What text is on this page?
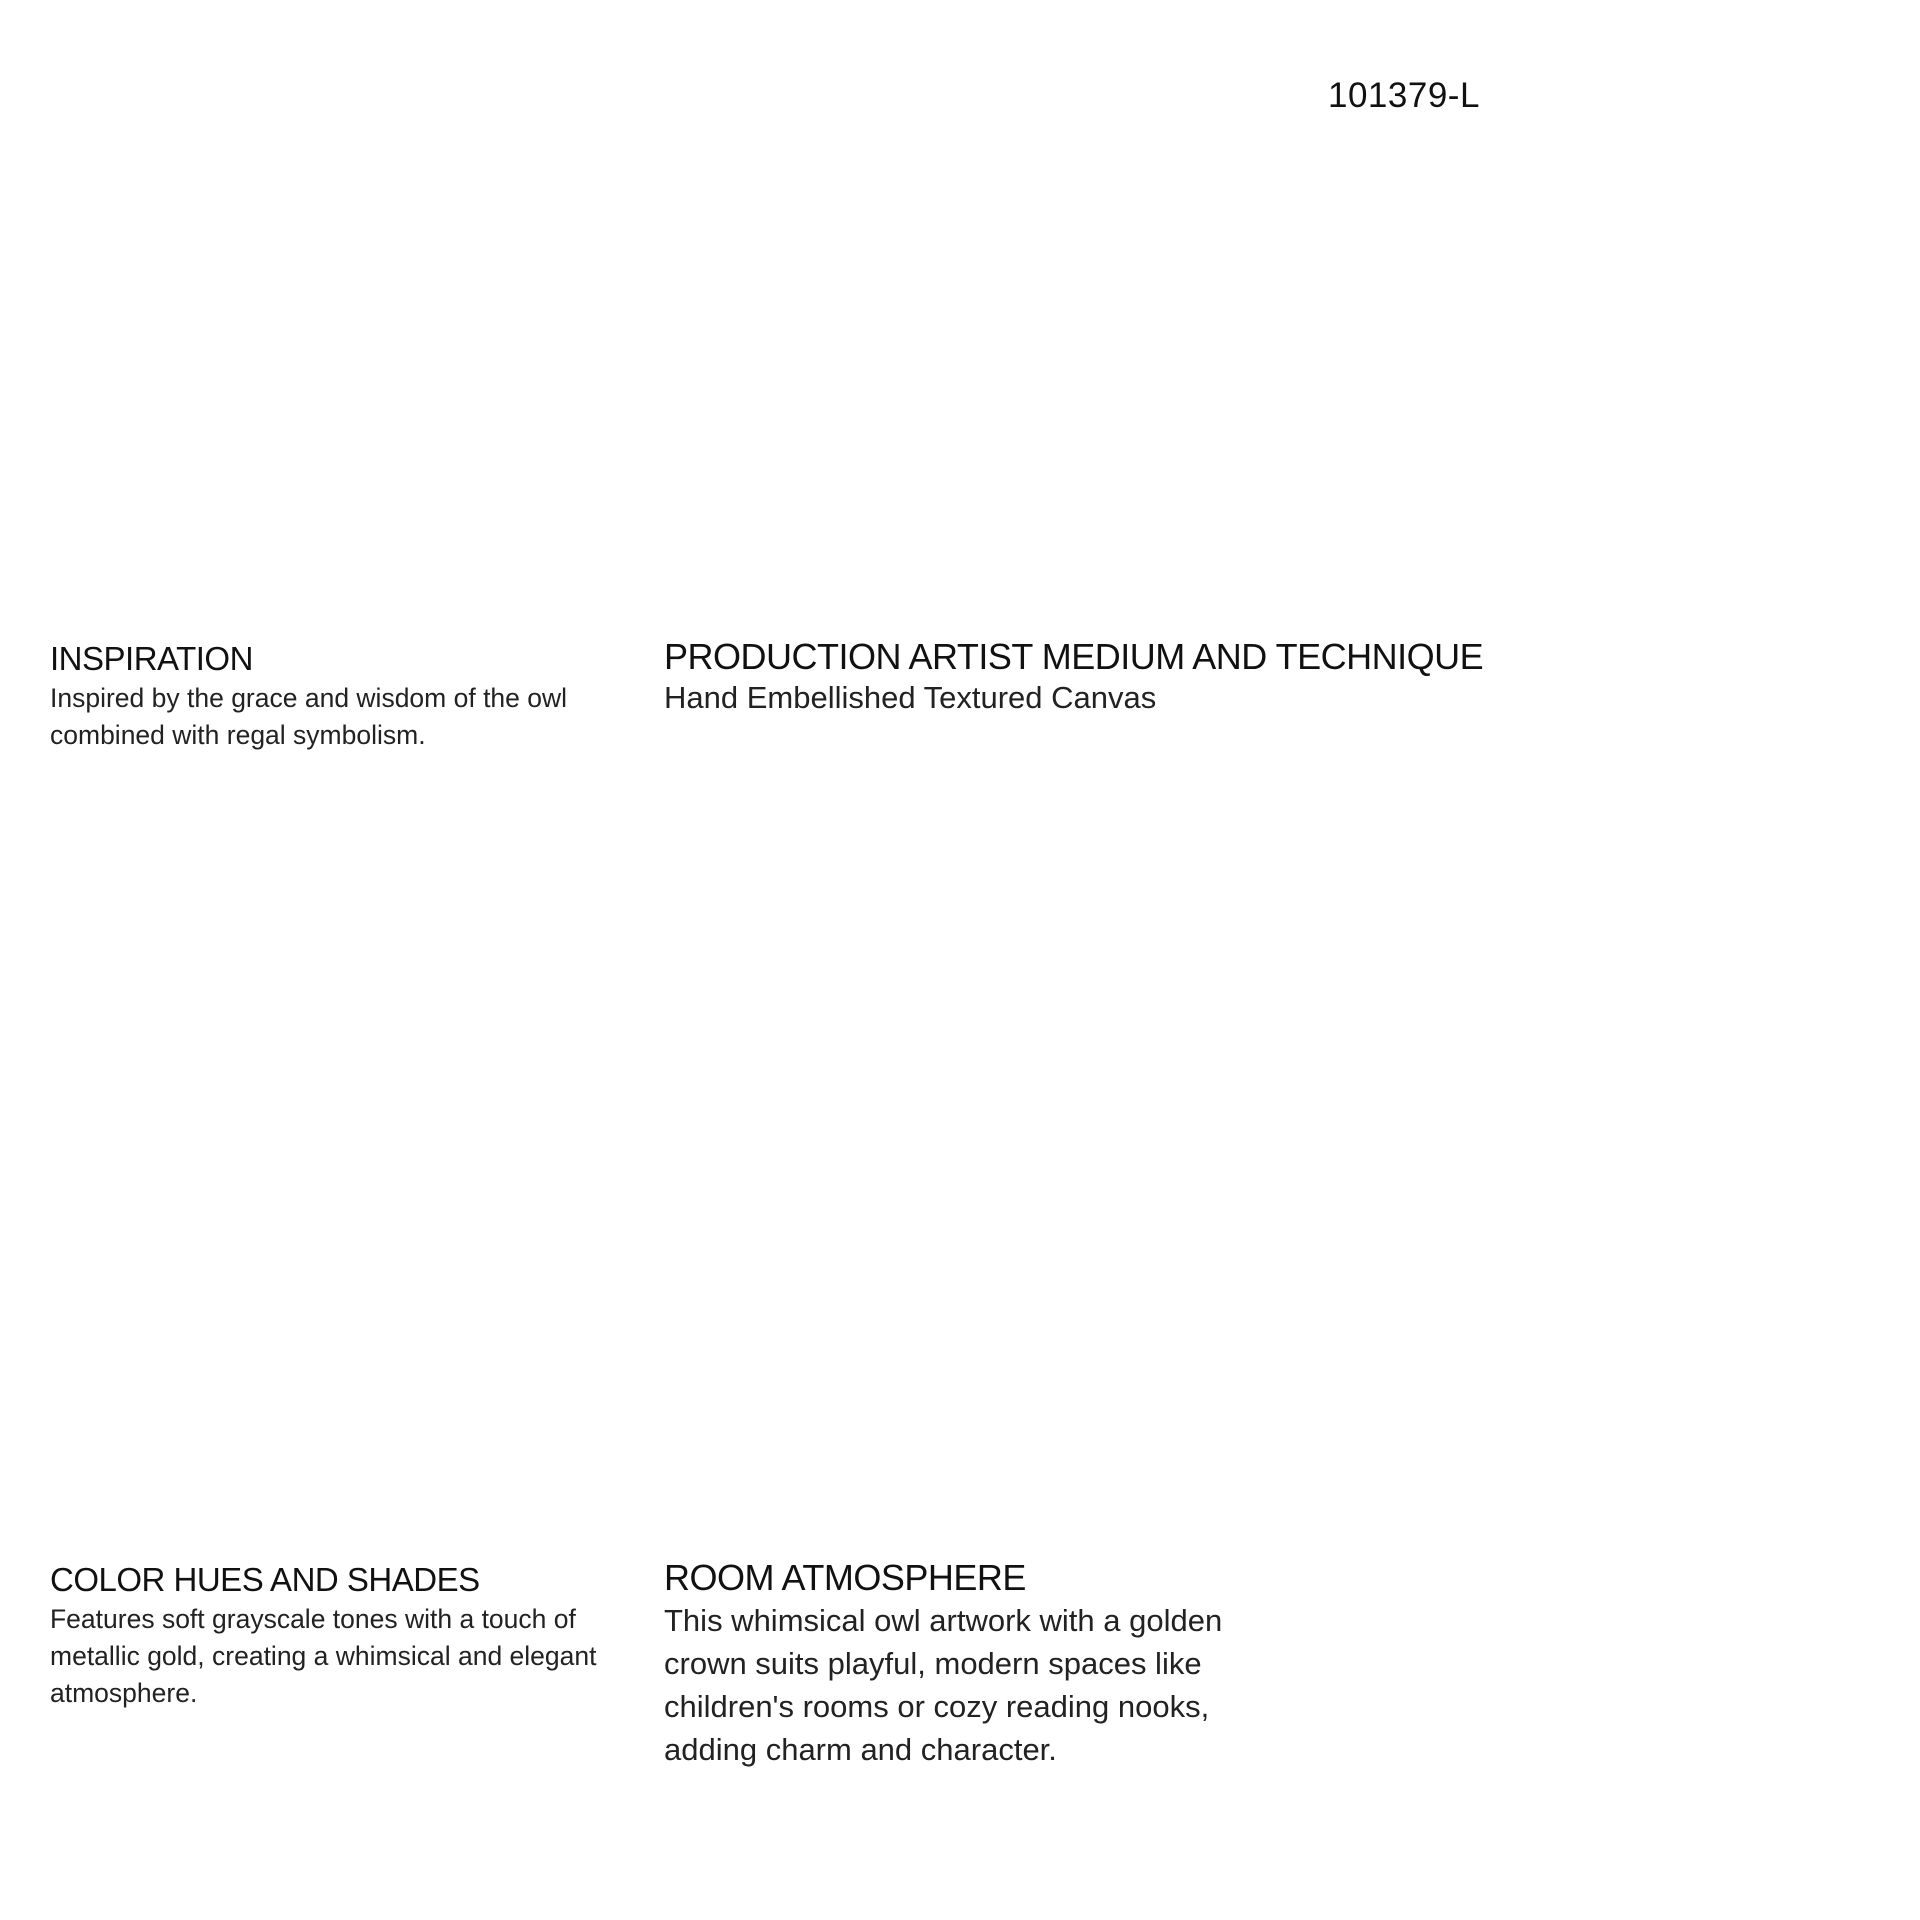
101379-L
INSPIRATION

Inspired by the grace and wisdom of the owl combined with regal symbolism.

PRODUCTION ARTIST MEDIUM AND TECHNIQUE

Hand Embellished Textured Canvas

COLOR HUES AND SHADES

Features soft grayscale tones with a touch of metallic gold, creating a whimsical and elegant atmosphere.

ROOM ATMOSPHERE

This whimsical owl artwork with a golden crown suits playful, modern spaces like children's rooms or cozy reading nooks, adding charm and character.
